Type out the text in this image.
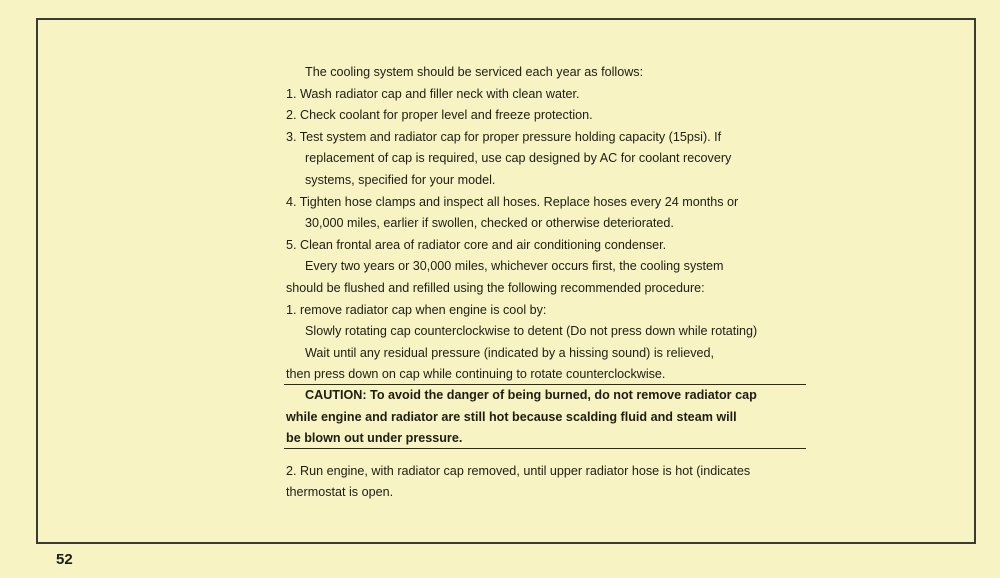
The cooling system should be serviced each year as follows:
1. Wash radiator cap and filler neck with clean water.
2. Check coolant for proper level and freeze protection.
3. Test system and radiator cap for proper pressure holding capacity (15psi). If
replacement of cap is required, use cap designed by AC for coolant recovery
systems, specified for your model.
4. Tighten hose clamps and inspect all hoses. Replace hoses every 24 months or
30,000 miles, earlier if swollen, checked or otherwise deteriorated.
5. Clean frontal area of radiator core and air conditioning condenser.
Every two years or 30,000 miles, whichever occurs first, the cooling system
should be flushed and refilled using the following recommended procedure:
1. remove radiator cap when engine is cool by:
Slowly rotating cap counterclockwise to detent (Do not press down while rotating)
Wait until any residual pressure (indicated by a hissing sound) is relieved,
then press down on cap while continuing to rotate counterclockwise.
CAUTION: To avoid the danger of being burned, do not remove radiator cap
while engine and radiator are still hot because scalding fluid and steam will
be blown out under pressure.
2. Run engine, with radiator cap removed, until upper radiator hose is hot (indicates
thermostat is open.
52
